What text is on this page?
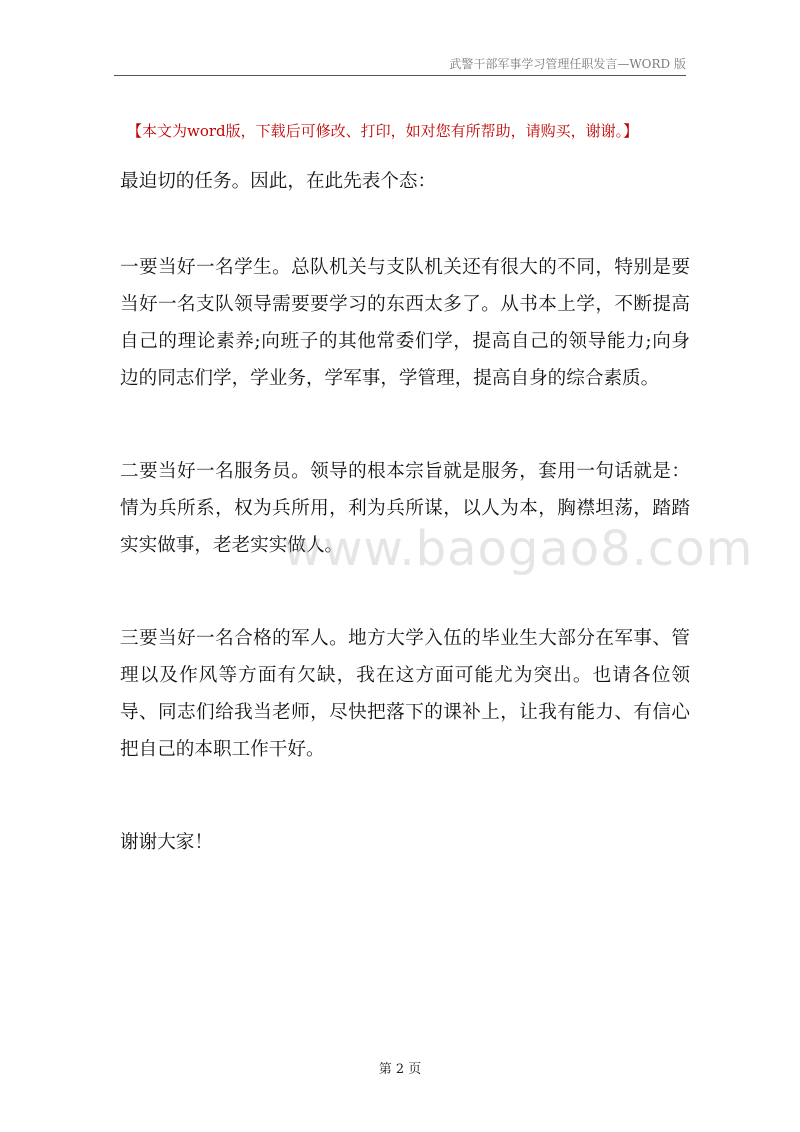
武警干部军事学习管理任职发言—WORD 版
【本文为word版，下载后可修改、打印，如对您有所帮助，请购买，谢谢。】

最迫切的任务。因此，在此先表个态：

一要当好一名学生。总队机关与支队机关还有很大的不同，特别是要当好一名支队领导需要要学习的东西太多了。从书本上学，不断提高自己的理论素养;向班子的其他常委们学，提高自己的领导能力;向身边的同志们学，学业务，学军事，学管理，提高自身的综合素质。

二要当好一名服务员。领导的根本宗旨就是服务，套用一句话就是：情为兵所系，权为兵所用，利为兵所谋，以人为本，胸襟坦荡，踏踏实实做事，老老实实做人。

三要当好一名合格的军人。地方大学入伍的毕业生大部分在军事、管理以及作风等方面有欠缺，我在这方面可能尤为突出。也请各位领导、同志们给我当老师，尽快把落下的课补上，让我有能力、有信心把自己的本职工作干好。

谢谢大家！

www.baogao8.com
第 2 页
